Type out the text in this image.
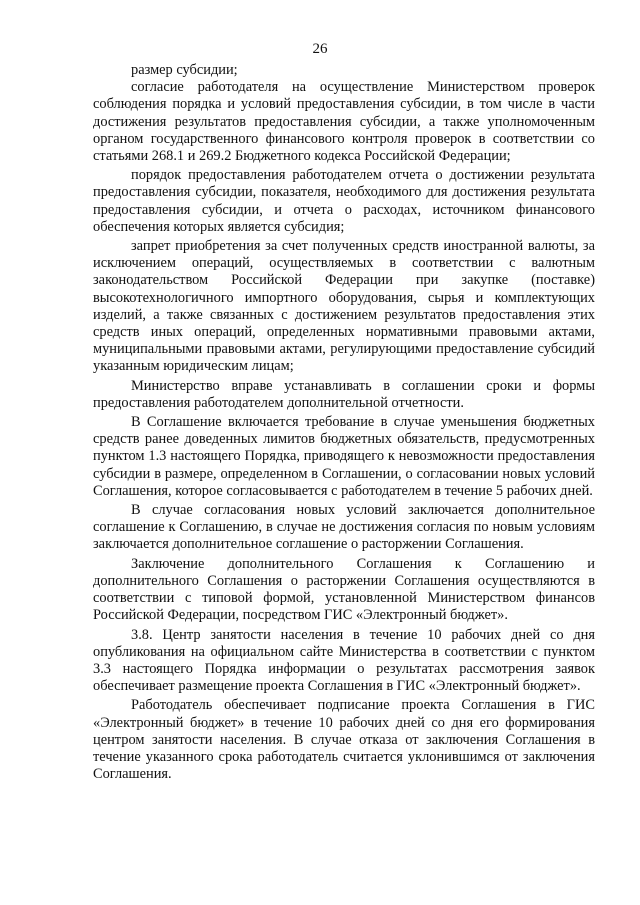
26

размер субсидии;

согласие работодателя на осуществление Министерством проверок соблюдения порядка и условий предоставления субсидии, в том числе в части достижения результатов предоставления субсидии, а также уполномоченным органом государственного финансового контроля проверок в соответствии со статьями 268.1 и 269.2 Бюджетного кодекса Российской Федерации;

порядок предоставления работодателем отчета о достижении результата предоставления субсидии, показателя, необходимого для достижения результата предоставления субсидии, и отчета о расходах, источником финансового обеспечения которых является субсидия;

запрет приобретения за счет полученных средств иностранной валюты, за исключением операций, осуществляемых в соответствии с валютным законодательством Российской Федерации при закупке (поставке) высокотехнологичного импортного оборудования, сырья и комплектующих изделий, а также связанных с достижением результатов предоставления этих средств иных операций, определенных нормативными правовыми актами, муниципальными правовыми актами, регулирующими предоставление субсидий указанным юридическим лицам;

Министерство вправе устанавливать в соглашении сроки и формы предоставления работодателем дополнительной отчетности.

В Соглашение включается требование в случае уменьшения бюджетных средств ранее доведенных лимитов бюджетных обязательств, предусмотренных пунктом 1.3 настоящего Порядка, приводящего к невозможности предоставления субсидии в размере, определенном в Соглашении, о согласовании новых условий Соглашения, которое согласовывается с работодателем в течение 5 рабочих дней.

В случае согласования новых условий заключается дополнительное соглашение к Соглашению, в случае не достижения согласия по новым условиям заключается дополнительное соглашение о расторжении Соглашения.

Заключение дополнительного Соглашения к Соглашению и дополнительного Соглашения о расторжении Соглашения осуществляются в соответствии с типовой формой, установленной Министерством финансов Российской Федерации, посредством ГИС «Электронный бюджет».

3.8. Центр занятости населения в течение 10 рабочих дней со дня опубликования на официальном сайте Министерства в соответствии с пунктом 3.3 настоящего Порядка информации о результатах рассмотрения заявок обеспечивает размещение проекта Соглашения в ГИС «Электронный бюджет».

Работодатель обеспечивает подписание проекта Соглашения в ГИС «Электронный бюджет» в течение 10 рабочих дней со дня его формирования центром занятости населения. В случае отказа от заключения Соглашения в течение указанного срока работодатель считается уклонившимся от заключения Соглашения.
